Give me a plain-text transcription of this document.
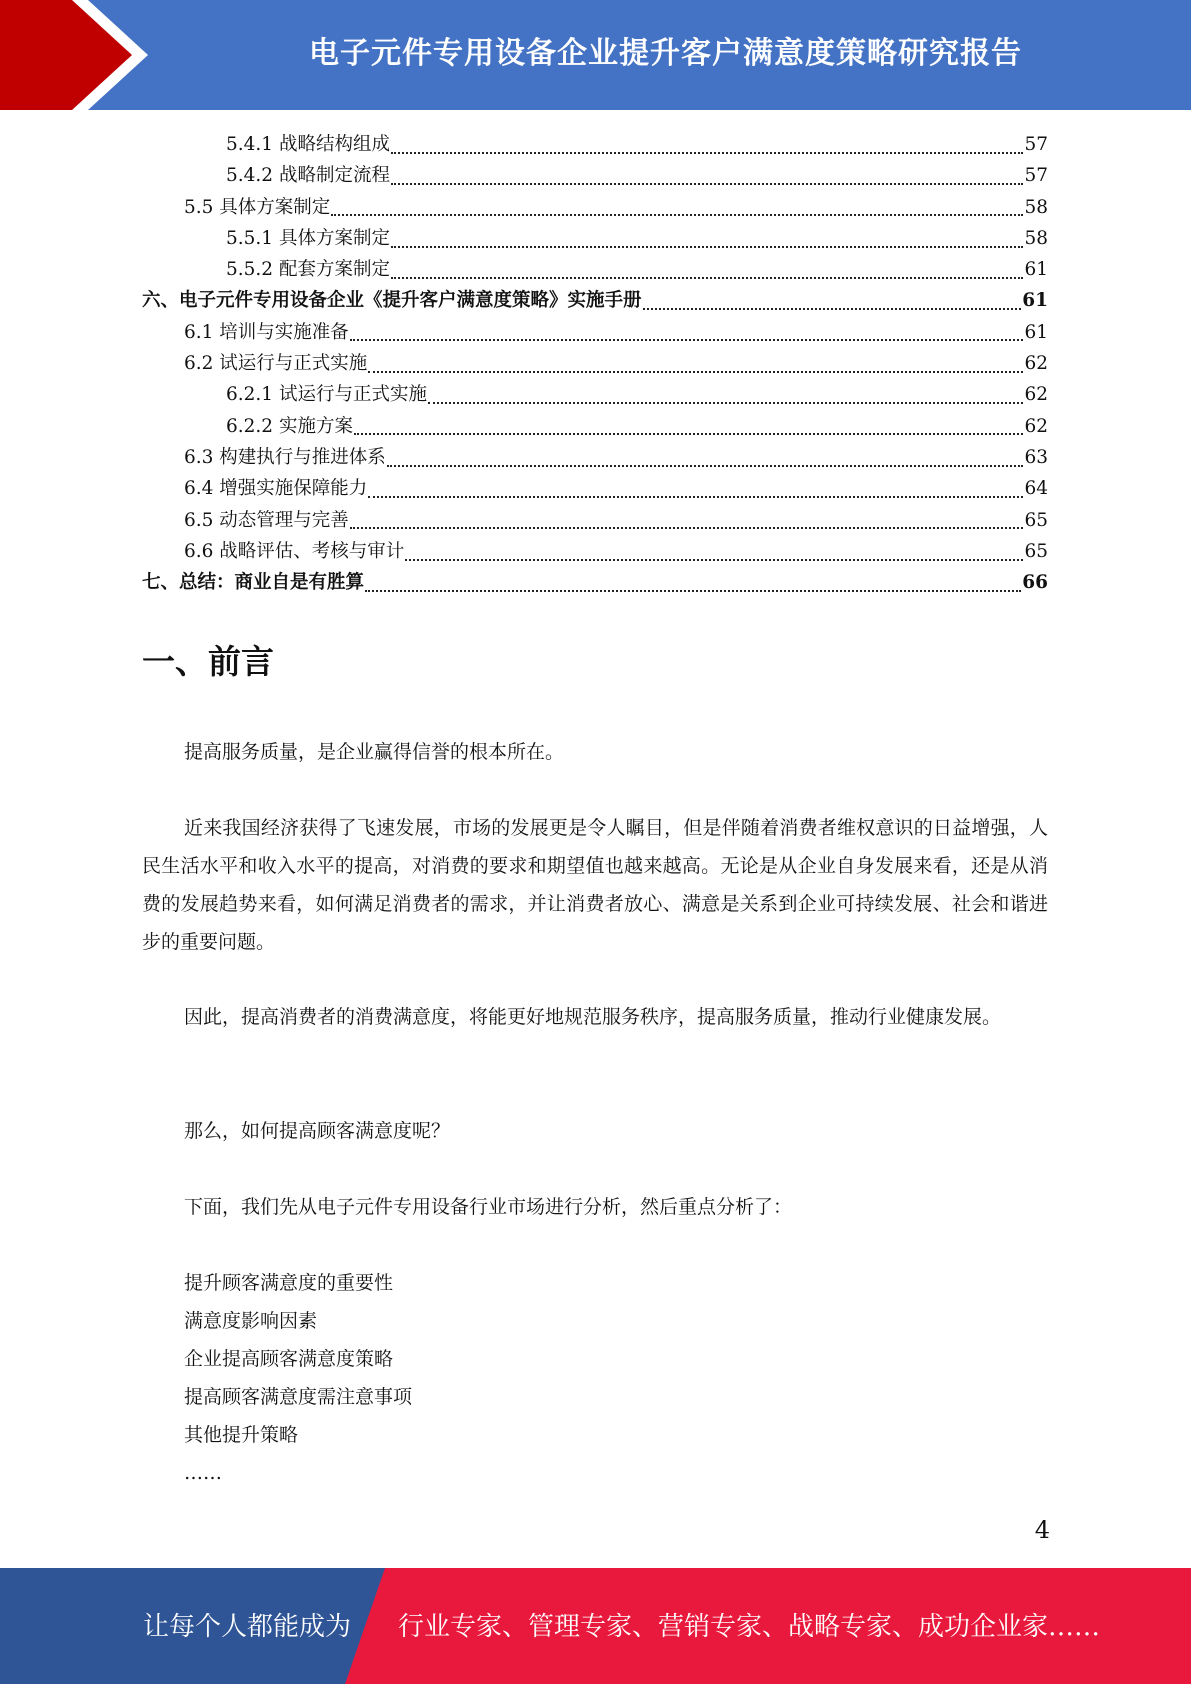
电子元件专用设备企业提升客户满意度策略研究报告
5.4.1 战略结构组成	57
5.4.2 战略制定流程	57
5.5 具体方案制定	58
5.5.1 具体方案制定	58
5.5.2 配套方案制定	61
六、电子元件专用设备企业《提升客户满意度策略》实施手册	61
6.1 培训与实施准备	61
6.2 试运行与正式实施	62
6.2.1 试运行与正式实施	62
6.2.2 实施方案	62
6.3 构建执行与推进体系	63
6.4 增强实施保障能力	64
6.5 动态管理与完善	65
6.6 战略评估、考核与审计	65
七、总结：商业自是有胜算	66
一、前言

提高服务质量，是企业赢得信誉的根本所在。

近来我国经济获得了飞速发展，市场的发展更是令人瞩目，但是伴随着消费者维权意识的日益增强，人民生活水平和收入水平的提高，对消费的要求和期望值也越来越高。无论是从企业自身发展来看，还是从消费的发展趋势来看，如何满足消费者的需求，并让消费者放心、满意是关系到企业可持续发展、社会和谐进步的重要问题。

因此，提高消费者的消费满意度，将能更好地规范服务秩序，提高服务质量，推动行业健康发展。

那么，如何提高顾客满意度呢？

下面，我们先从电子元件专用设备行业市场进行分析，然后重点分析了：

提升顾客满意度的重要性
满意度影响因素
企业提高顾客满意度策略
提高顾客满意度需注意事项
其他提升策略
……
4
让每个人都能成为 行业专家、管理专家、营销专家、战略专家、成功企业家……
